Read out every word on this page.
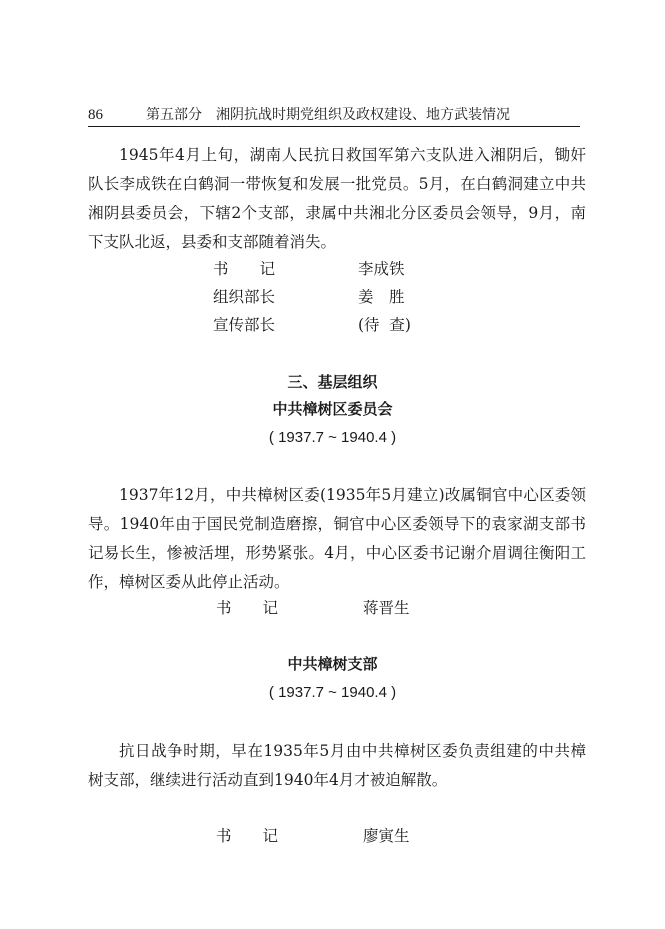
86	第五部分　湘阴抗战时期党组织及政权建设、地方武装情况

1945年4月上旬，湖南人民抗日救国军第六支队进入湘阴后，锄奸队长李成铁在白鹤洞一带恢复和发展一批党员。5月，在白鹤洞建立中共湘阴县委员会，下辖2个支部，隶属中共湘北分区委员会领导，9月，南下支队北返，县委和支部随着消失。

书　　记	李成铁
组织部长	姜　胜
宣传部长	(待  查)
三、基层组织
中共樟树区委员会
( 1937.7 ~ 1940.4 )

1937年12月，中共樟树区委(1935年5月建立)改属铜官中心区委领导。1940年由于国民党制造磨擦，铜官中心区委领导下的袁家湖支部书记易长生，惨被活埋，形势紧张。4月，中心区委书记谢介眉调往衡阳工作，樟树区委从此停止活动。

书　　记	蒋晋生
中共樟树支部
( 1937.7 ~ 1940.4 )

抗日战争时期，早在1935年5月由中共樟树区委负责组建的中共樟树支部，继续进行活动直到1940年4月才被迫解散。

书　　记	廖寅生
